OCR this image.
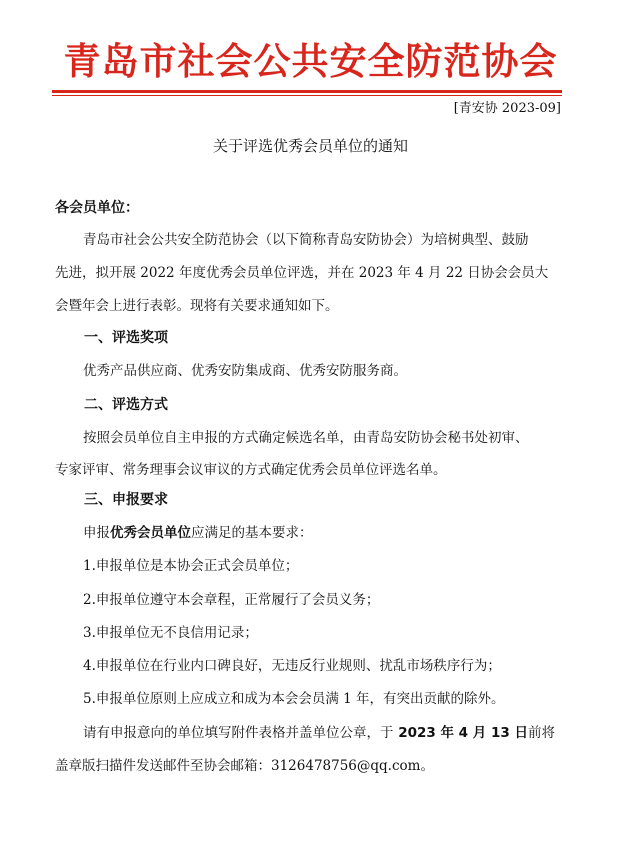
青岛市社会公共安全防范协会
[青安协 2023-09]
关于评选优秀会员单位的通知
各会员单位：
青岛市社会公共安全防范协会（以下简称青岛安防协会）为培树典型、鼓励
先进，拟开展 2022 年度优秀会员单位评选，并在 2023 年 4 月 22 日协会会员大
会暨年会上进行表彰。现将有关要求通知如下。
一、评选奖项
优秀产品供应商、优秀安防集成商、优秀安防服务商。
二、评选方式
按照会员单位自主申报的方式确定候选名单，由青岛安防协会秘书处初审、
专家评审、常务理事会议审议的方式确定优秀会员单位评选名单。
三、申报要求
申报优秀会员单位应满足的基本要求：
1.申报单位是本协会正式会员单位；
2.申报单位遵守本会章程，正常履行了会员义务；
3.申报单位无不良信用记录；
4.申报单位在行业内口碑良好，无违反行业规则、扰乱市场秩序行为；
5.申报单位原则上应成立和成为本会会员满 1 年，有突出贡献的除外。
请有申报意向的单位填写附件表格并盖单位公章，于 2023 年 4 月 13 日前将
盖章版扫描件发送邮件至协会邮箱：3126478756@qq.com。
